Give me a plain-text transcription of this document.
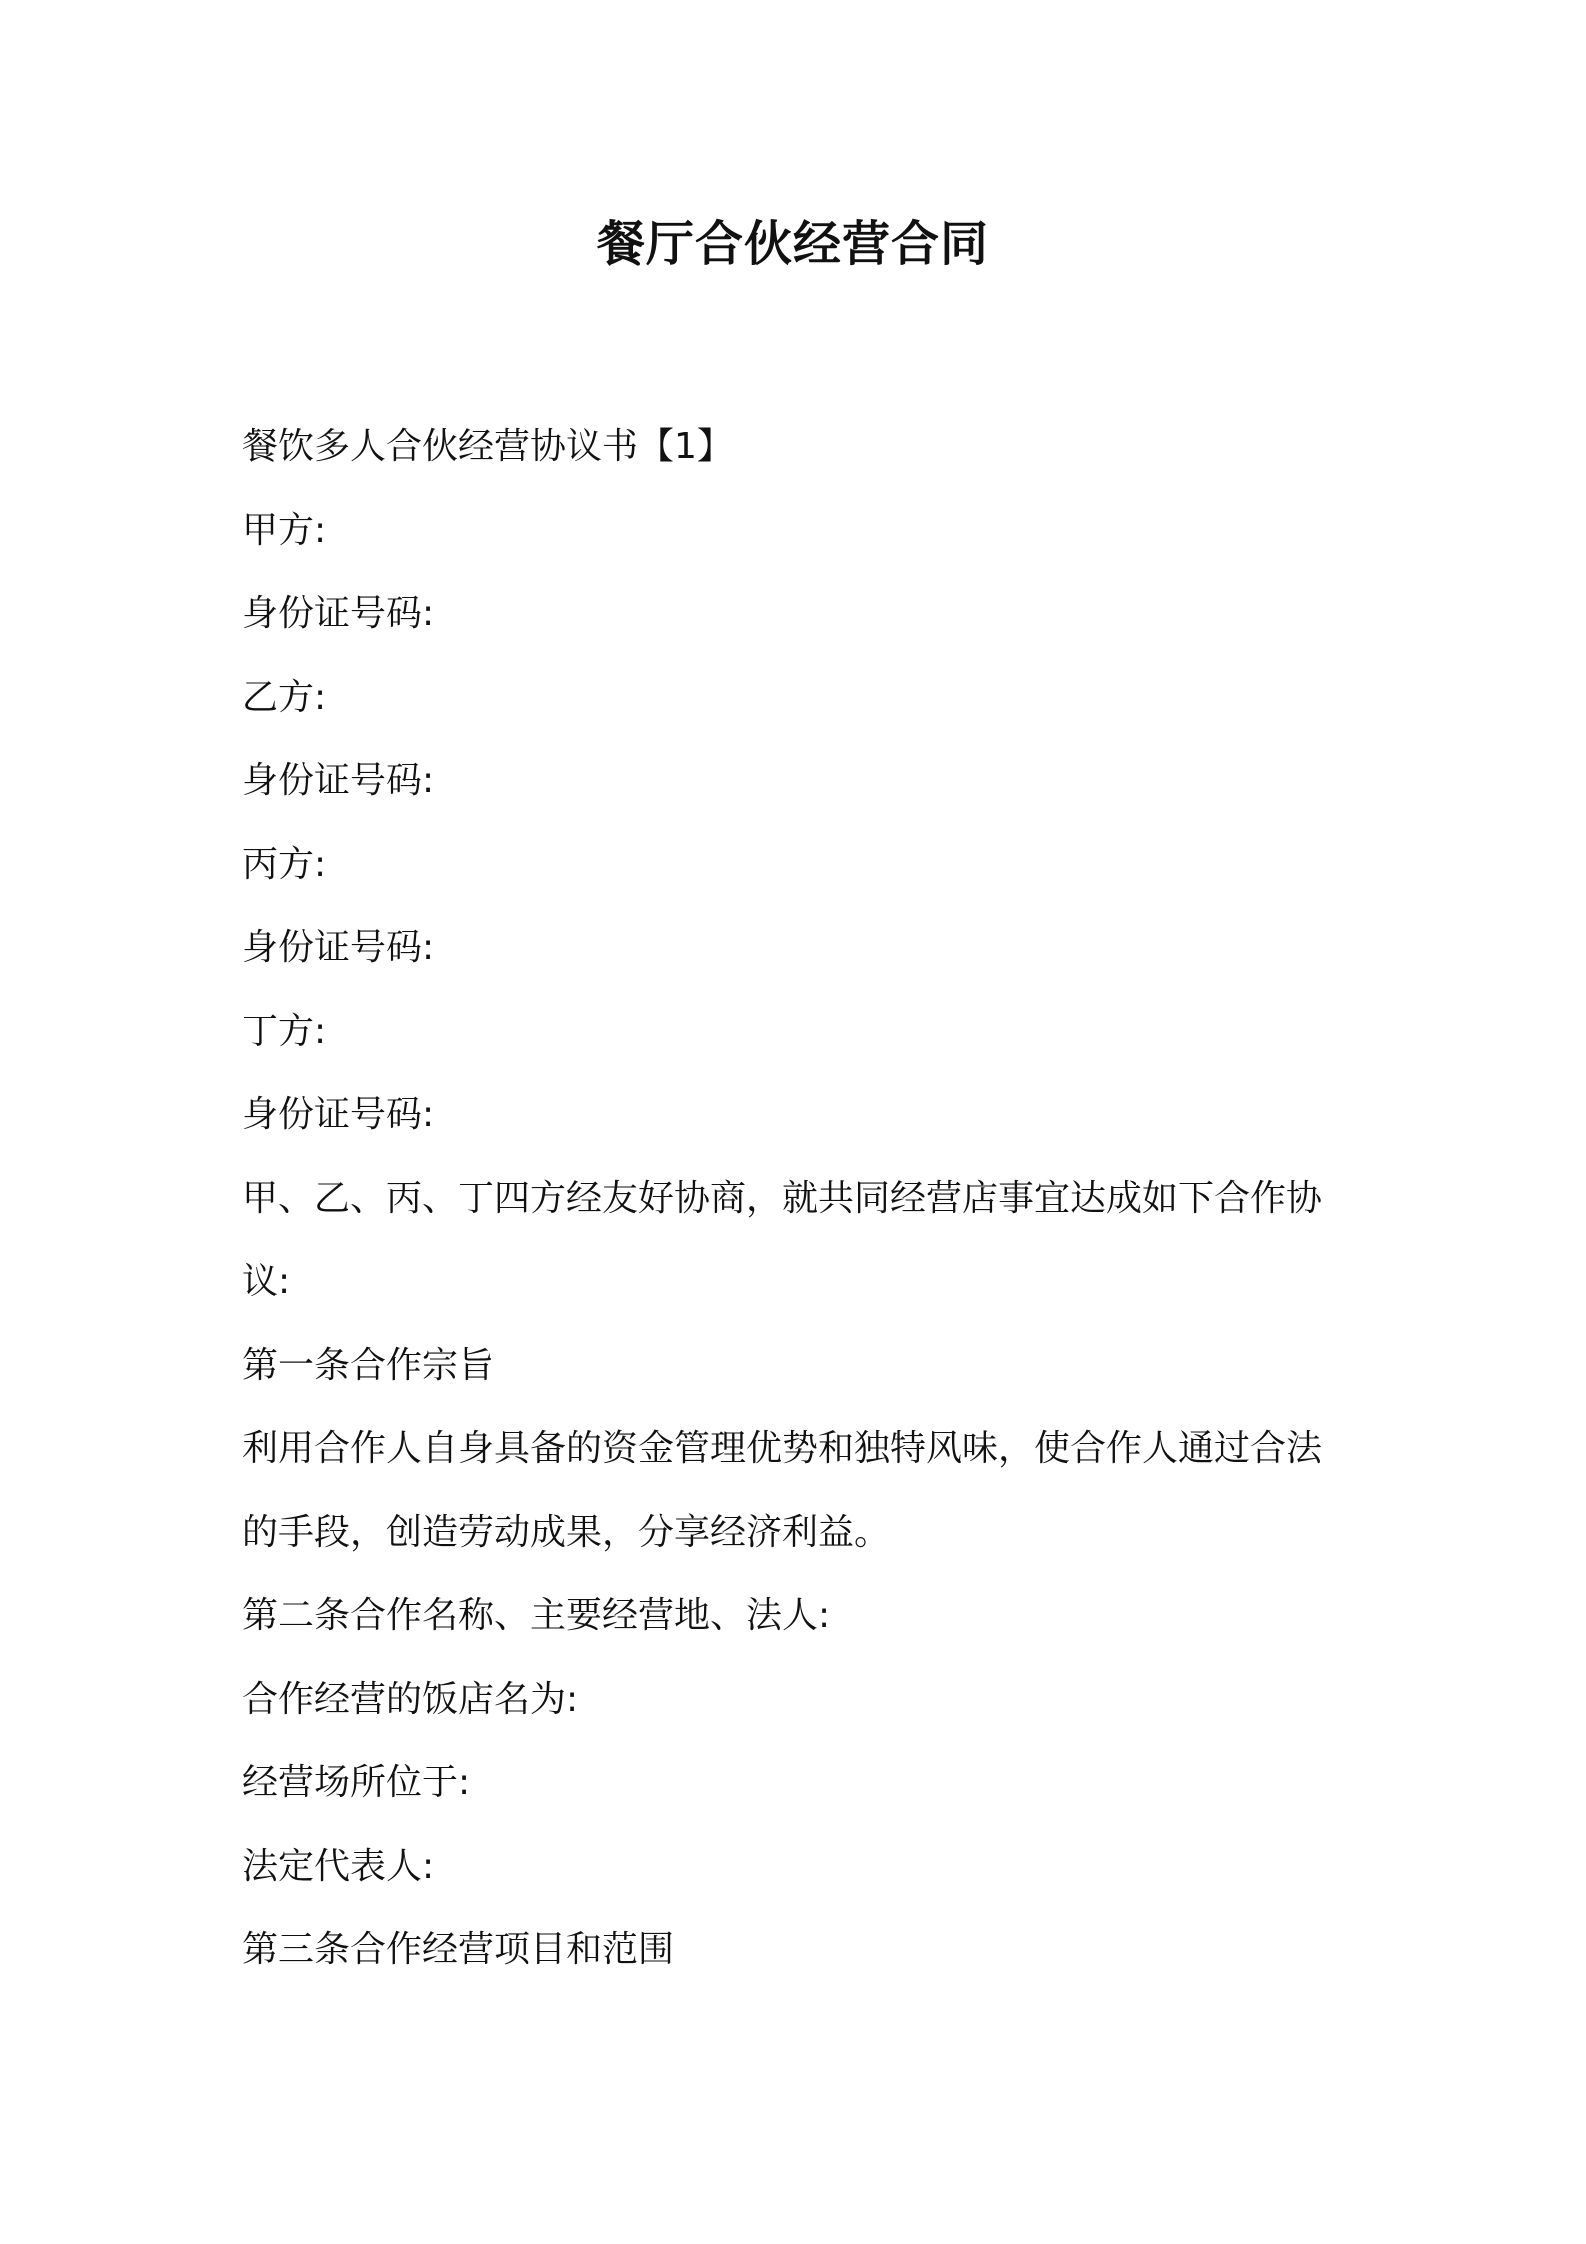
餐厅合伙经营合同
餐饮多人合伙经营协议书【1】
甲方:
身份证号码:
乙方:
身份证号码:
丙方:
身份证号码:
丁方:
身份证号码:
甲、乙、丙、丁四方经友好协商，就共同经营店事宜达成如下合作协
议:
第一条合作宗旨
利用合作人自身具备的资金管理优势和独特风味，使合作人通过合法
的手段，创造劳动成果，分享经济利益。
第二条合作名称、主要经营地、法人:
合作经营的饭店名为:
经营场所位于:
法定代表人:
第三条合作经营项目和范围
